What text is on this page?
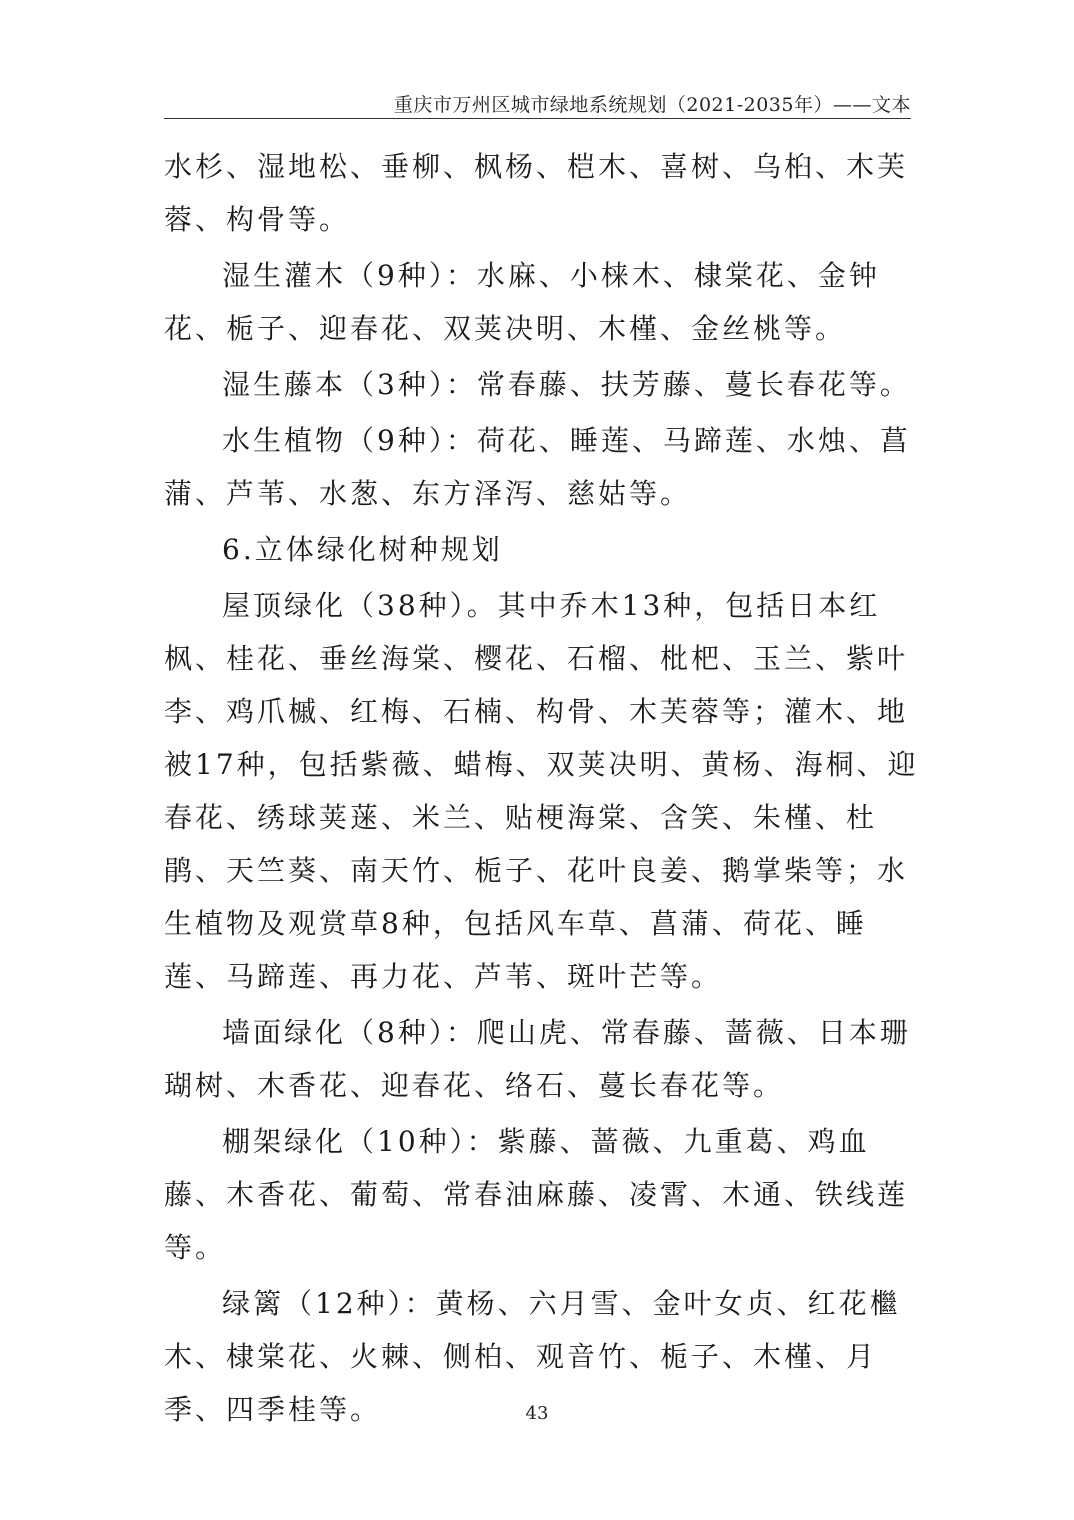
重庆市万州区城市绿地系统规划（2021-2035年）——文本

水杉、湿地松、垂柳、枫杨、桤木、喜树、乌桕、木芙蓉、构骨等。

湿生灌木（9种）：水麻、小梾木、棣棠花、金钟花、栀子、迎春花、双荚决明、木槿、金丝桃等。

湿生藤本（3种）：常春藤、扶芳藤、蔓长春花等。

水生植物（9种）：荷花、睡莲、马蹄莲、水烛、菖蒲、芦苇、水葱、东方泽泻、慈姑等。

6.立体绿化树种规划

屋顶绿化（38种）。其中乔木13种，包括日本红枫、桂花、垂丝海棠、樱花、石榴、枇杷、玉兰、紫叶李、鸡爪槭、红梅、石楠、构骨、木芙蓉等；灌木、地被17种，包括紫薇、蜡梅、双荚决明、黄杨、海桐、迎春花、绣球荚蒾、米兰、贴梗海棠、含笑、朱槿、杜鹃、天竺葵、南天竹、栀子、花叶良姜、鹅掌柴等；水生植物及观赏草8种，包括风车草、菖蒲、荷花、睡莲、马蹄莲、再力花、芦苇、斑叶芒等。

墙面绿化（8种）：爬山虎、常春藤、蔷薇、日本珊瑚树、木香花、迎春花、络石、蔓长春花等。

棚架绿化（10种）：紫藤、蔷薇、九重葛、鸡血藤、木香花、葡萄、常春油麻藤、凌霄、木通、铁线莲等。

绿篱（12种）：黄杨、六月雪、金叶女贞、红花檵木、棣棠花、火棘、侧柏、观音竹、栀子、木槿、月季、四季桂等。	43
